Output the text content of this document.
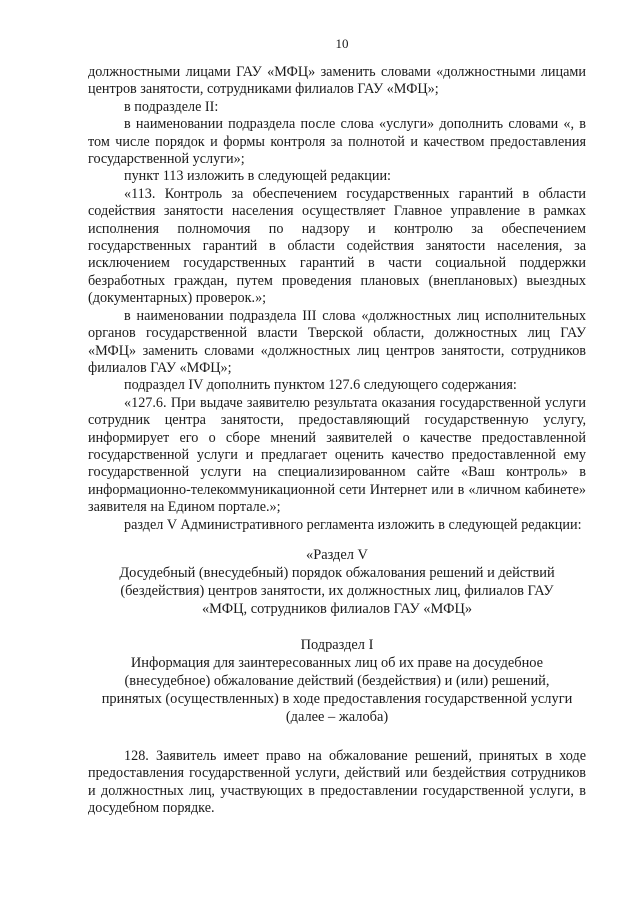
10

должностными лицами ГАУ «МФЦ» заменить словами «должностными лицами центров занятости, сотрудниками филиалов ГАУ «МФЦ»;

в подразделе II:

в наименовании подраздела после слова «услуги» дополнить словами «, в том числе порядок и формы контроля за полнотой и качеством предоставления государственной услуги»;

пункт 113 изложить в следующей редакции:

«113. Контроль за обеспечением государственных гарантий в области содействия занятости населения осуществляет Главное управление в рамках исполнения полномочия по надзору и контролю за обеспечением государственных гарантий в области содействия занятости населения, за исключением государственных гарантий в части социальной поддержки безработных граждан, путем проведения плановых (внеплановых) выездных (документарных) проверок.»;

в наименовании подраздела III слова «должностных лиц исполнительных органов государственной власти Тверской области, должностных лиц ГАУ «МФЦ» заменить словами «должностных лиц центров занятости, сотрудников филиалов ГАУ «МФЦ»;

подраздел IV дополнить пунктом 127.6 следующего содержания:

«127.6. При выдаче заявителю результата оказания государственной услуги сотрудник центра занятости, предоставляющий государственную услугу, информирует его о сборе мнений заявителей о качестве предоставленной государственной услуги и предлагает оценить качество предоставленной ему государственной услуги на специализированном сайте «Ваш контроль» в информационно-телекоммуникационной сети Интернет или в «личном кабинете» заявителя на Едином портале.»;

раздел V Административного регламента изложить в следующей редакции:

«Раздел V
Досудебный (внесудебный) порядок обжалования решений и действий
(бездействия) центров занятости, их должностных лиц, филиалов ГАУ
«МФЦ, сотрудников филиалов ГАУ «МФЦ»
Подраздел I
Информация для заинтересованных лиц об их праве на досудебное
(внесудебное) обжалование действий (бездействия) и (или) решений,
принятых (осуществленных) в ходе предоставления государственной услуги
(далее – жалоба)

128. Заявитель имеет право на обжалование решений, принятых в ходе предоставления государственной услуги, действий или бездействия сотрудников и должностных лиц, участвующих в предоставлении государственной услуги, в досудебном порядке.
